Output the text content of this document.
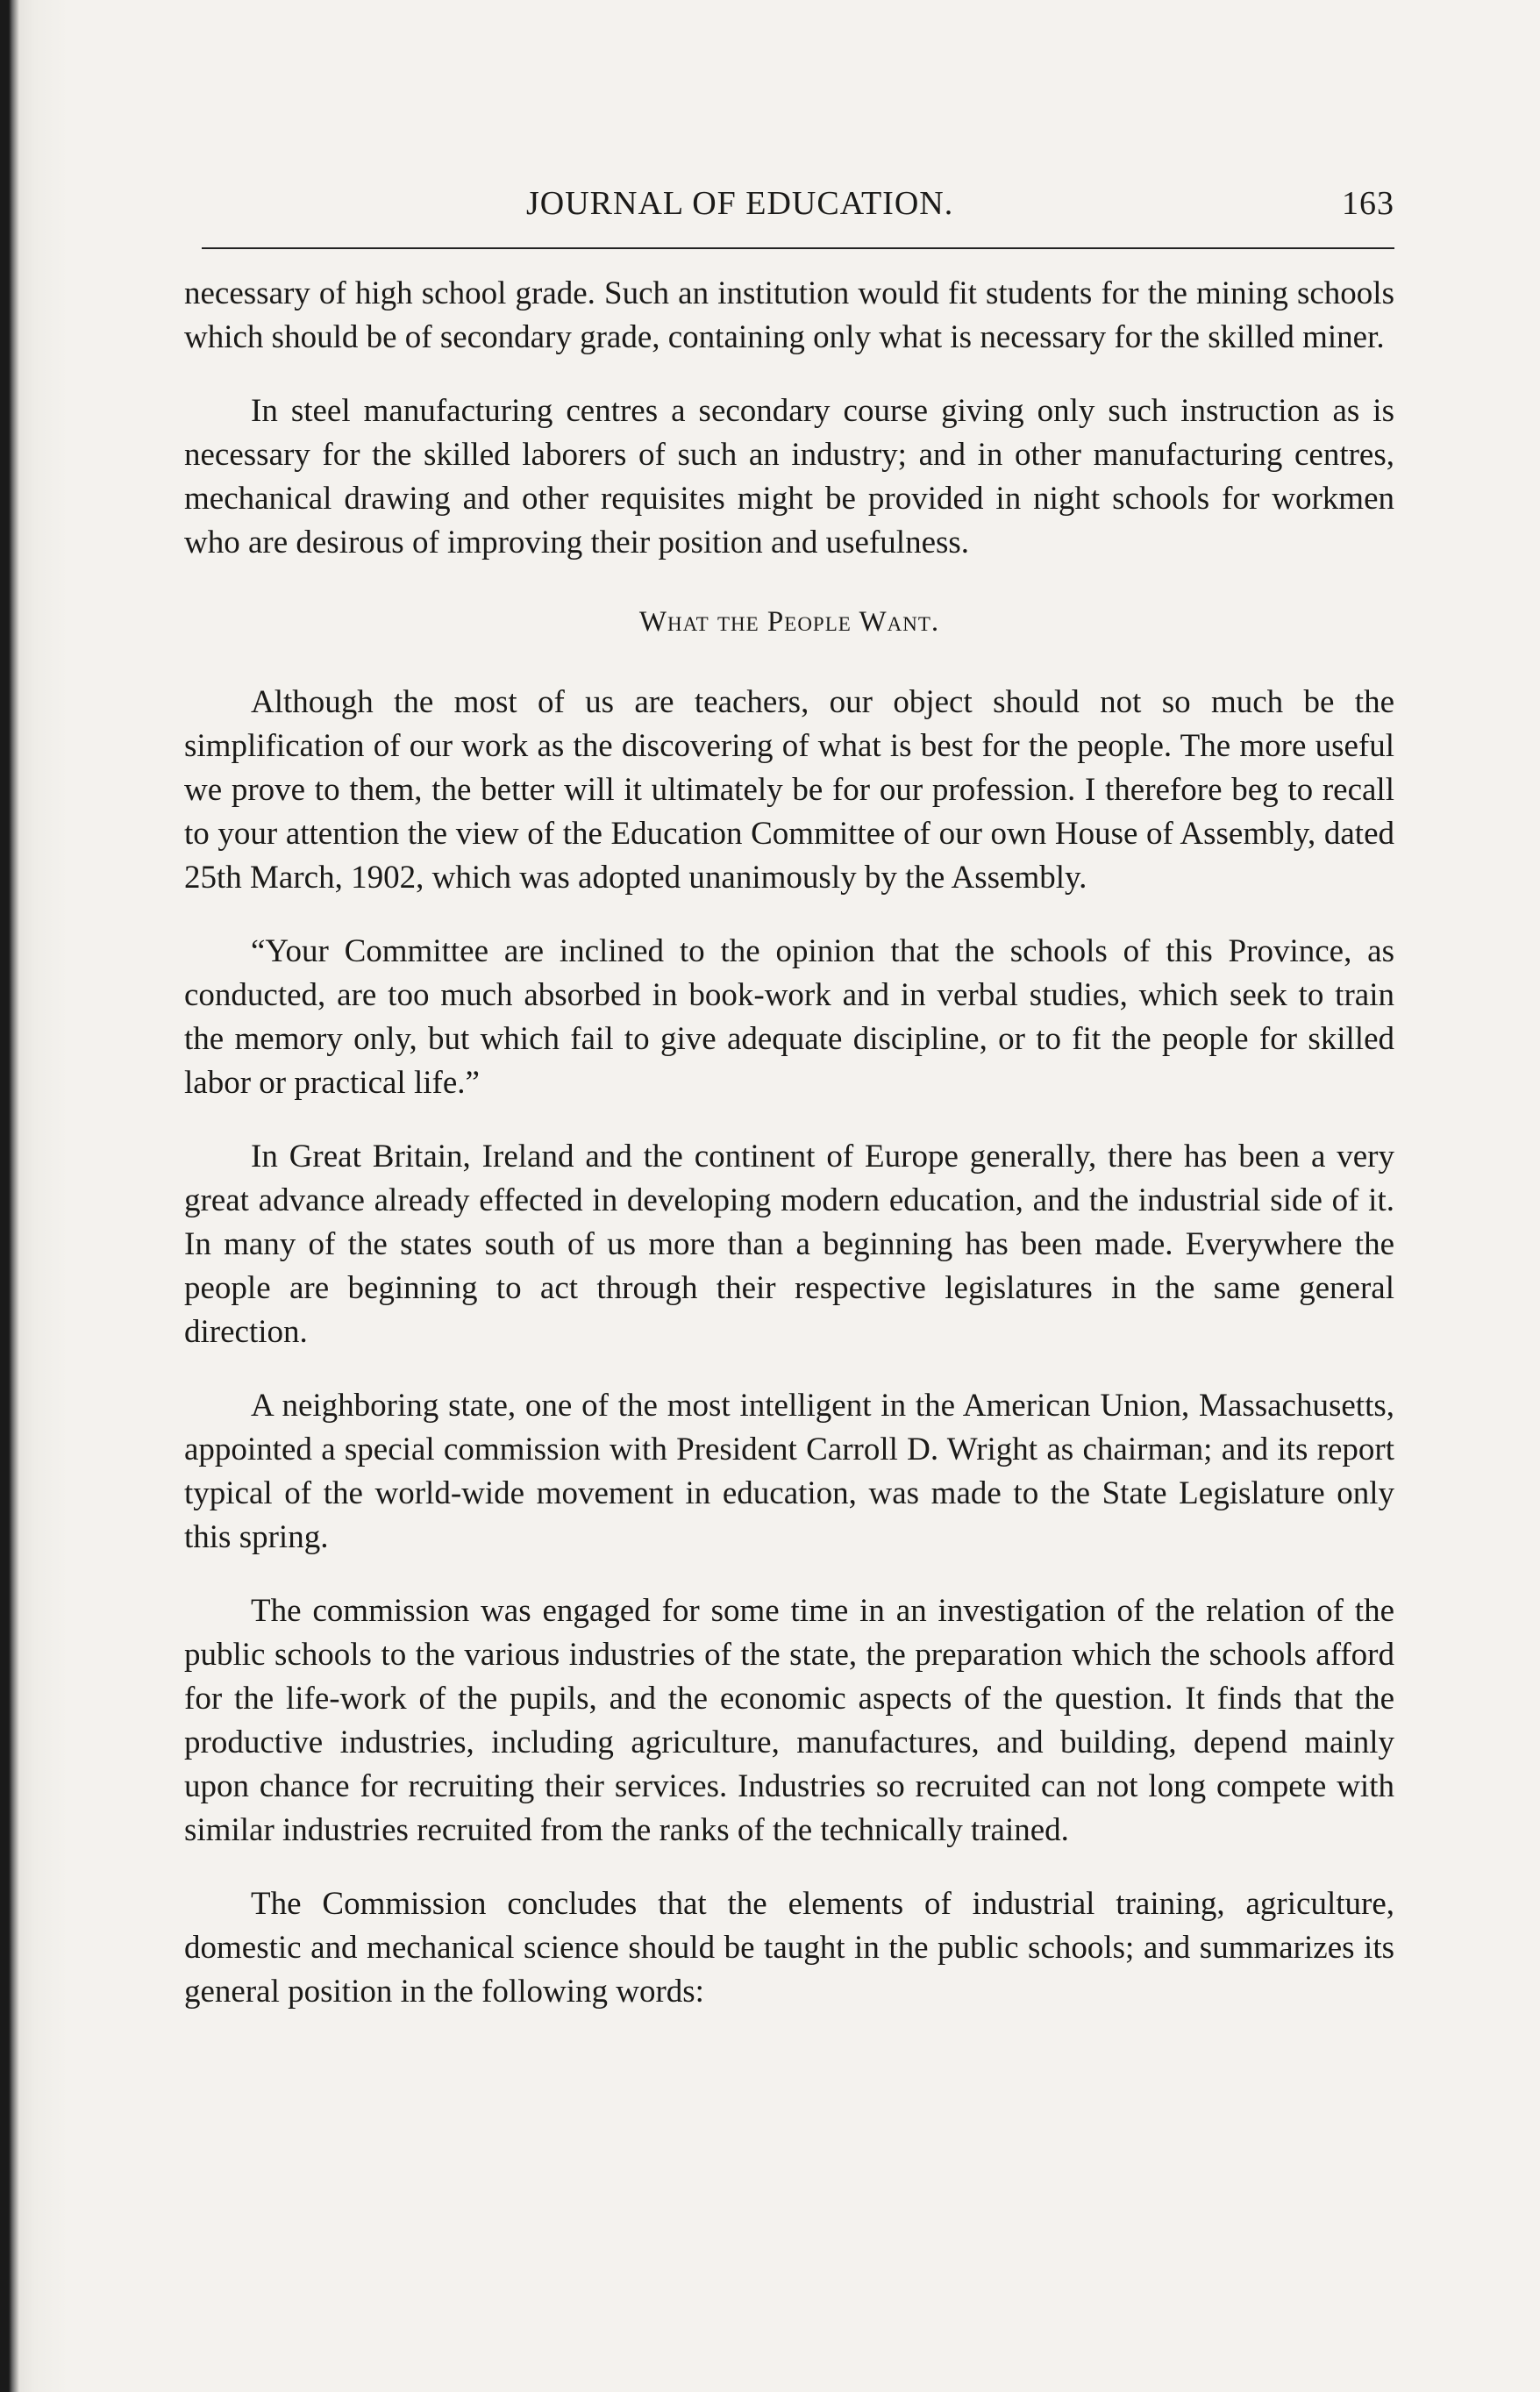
JOURNAL OF EDUCATION.	163

necessary of high school grade. Such an institution would fit students for the mining schools which should be of secondary grade, containing only what is necessary for the skilled miner.

In steel manufacturing centres a secondary course giving only such instruction as is necessary for the skilled laborers of such an industry; and in other manufacturing centres, mechanical drawing and other requisites might be provided in night schools for workmen who are desirous of improving their position and usefulness.

What the People Want.

Although the most of us are teachers, our object should not so much be the simplification of our work as the discovering of what is best for the people. The more useful we prove to them, the better will it ultimately be for our profession. I therefore beg to recall to your attention the view of the Education Committee of our own House of Assembly, dated 25th March, 1902, which was adopted unanimously by the Assembly.

“Your Committee are inclined to the opinion that the schools of this Province, as conducted, are too much absorbed in book-work and in verbal studies, which seek to train the memory only, but which fail to give adequate discipline, or to fit the people for skilled labor or practical life.”

In Great Britain, Ireland and the continent of Europe generally, there has been a very great advance already effected in developing modern education, and the industrial side of it. In many of the states south of us more than a beginning has been made. Everywhere the people are beginning to act through their respective legislatures in the same general direction.

A neighboring state, one of the most intelligent in the American Union, Massachusetts, appointed a special commission with President Carroll D. Wright as chairman; and its report typical of the world-wide movement in education, was made to the State Legislature only this spring.

The commission was engaged for some time in an investigation of the relation of the public schools to the various industries of the state, the preparation which the schools afford for the life-work of the pupils, and the economic aspects of the question. It finds that the productive industries, including agriculture, manufactures, and building, depend mainly upon chance for recruiting their services. Industries so recruited can not long compete with similar industries recruited from the ranks of the technically trained.

The Commission concludes that the elements of industrial training, agriculture, domestic and mechanical science should be taught in the public schools; and summarizes its general position in the following words:
